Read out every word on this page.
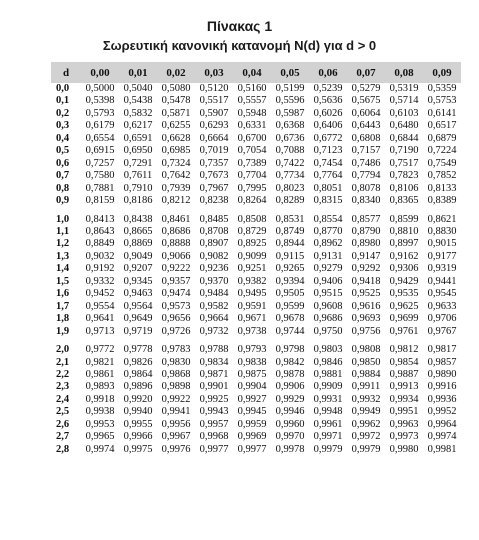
Πίνακας 1
Σωρευτική κανονική κατανομή N(d) για d > 0
d	0,00	0,01	0,02	0,03	0,04	0,05	0,06	0,07	0,08	0,09
0,0	0,5000	0,5040	0,5080	0,5120	0,5160	0,5199	0,5239	0,5279	0,5319	0,5359
0,1	0,5398	0,5438	0,5478	0,5517	0,5557	0,5596	0,5636	0,5675	0,5714	0,5753
0,2	0,5793	0,5832	0,5871	0,5907	0,5948	0,5987	0,6026	0,6064	0,6103	0,6141
0,3	0,6179	0,6217	0,6255	0,6293	0,6331	0,6368	0,6406	0,6443	0,6480	0,6517
0,4	0,6554	0,6591	0,6628	0,6664	0,6700	0,6736	0,6772	0,6808	0,6844	0,6879
0,5	0,6915	0,6950	0,6985	0,7019	0,7054	0,7088	0,7123	0,7157	0,7190	0,7224
0,6	0,7257	0,7291	0,7324	0,7357	0,7389	0,7422	0,7454	0,7486	0,7517	0,7549
0,7	0,7580	0,7611	0,7642	0,7673	0,7704	0,7734	0,7764	0,7794	0,7823	0,7852
0,8	0,7881	0,7910	0,7939	0,7967	0,7995	0,8023	0,8051	0,8078	0,8106	0,8133
0,9	0,8159	0,8186	0,8212	0,8238	0,8264	0,8289	0,8315	0,8340	0,8365	0,8389

1,0	0,8413	0,8438	0,8461	0,8485	0,8508	0,8531	0,8554	0,8577	0,8599	0,8621
1,1	0,8643	0,8665	0,8686	0,8708	0,8729	0,8749	0,8770	0,8790	0,8810	0,8830
1,2	0,8849	0,8869	0,8888	0,8907	0,8925	0,8944	0,8962	0,8980	0,8997	0,9015
1,3	0,9032	0,9049	0,9066	0,9082	0,9099	0,9115	0,9131	0,9147	0,9162	0,9177
1,4	0,9192	0,9207	0,9222	0,9236	0,9251	0,9265	0,9279	0,9292	0,9306	0,9319
1,5	0,9332	0,9345	0,9357	0,9370	0,9382	0,9394	0,9406	0,9418	0,9429	0,9441
1,6	0,9452	0,9463	0,9474	0,9484	0,9495	0,9505	0,9515	0,9525	0,9535	0,9545
1,7	0,9554	0,9564	0,9573	0,9582	0,9591	0,9599	0,9608	0,9616	0,9625	0,9633
1,8	0,9641	0,9649	0,9656	0,9664	0,9671	0,9678	0,9686	0,9693	0,9699	0,9706
1,9	0,9713	0,9719	0,9726	0,9732	0,9738	0,9744	0,9750	0,9756	0,9761	0,9767

2,0	0,9772	0,9778	0,9783	0,9788	0,9793	0,9798	0,9803	0,9808	0,9812	0,9817
2,1	0,9821	0,9826	0,9830	0,9834	0,9838	0,9842	0,9846	0,9850	0,9854	0,9857
2,2	0,9861	0,9864	0,9868	0,9871	0,9875	0,9878	0,9881	0,9884	0,9887	0,9890
2,3	0,9893	0,9896	0,9898	0,9901	0,9904	0,9906	0,9909	0,9911	0,9913	0,9916
2,4	0,9918	0,9920	0,9922	0,9925	0,9927	0,9929	0,9931	0,9932	0,9934	0,9936
2,5	0,9938	0,9940	0,9941	0,9943	0,9945	0,9946	0,9948	0,9949	0,9951	0,9952
2,6	0,9953	0,9955	0,9956	0,9957	0,9959	0,9960	0,9961	0,9962	0,9963	0,9964
2,7	0,9965	0,9966	0,9967	0,9968	0,9969	0,9970	0,9971	0,9972	0,9973	0,9974
2,8	0,9974	0,9975	0,9976	0,9977	0,9977	0,9978	0,9979	0,9979	0,9980	0,9981
